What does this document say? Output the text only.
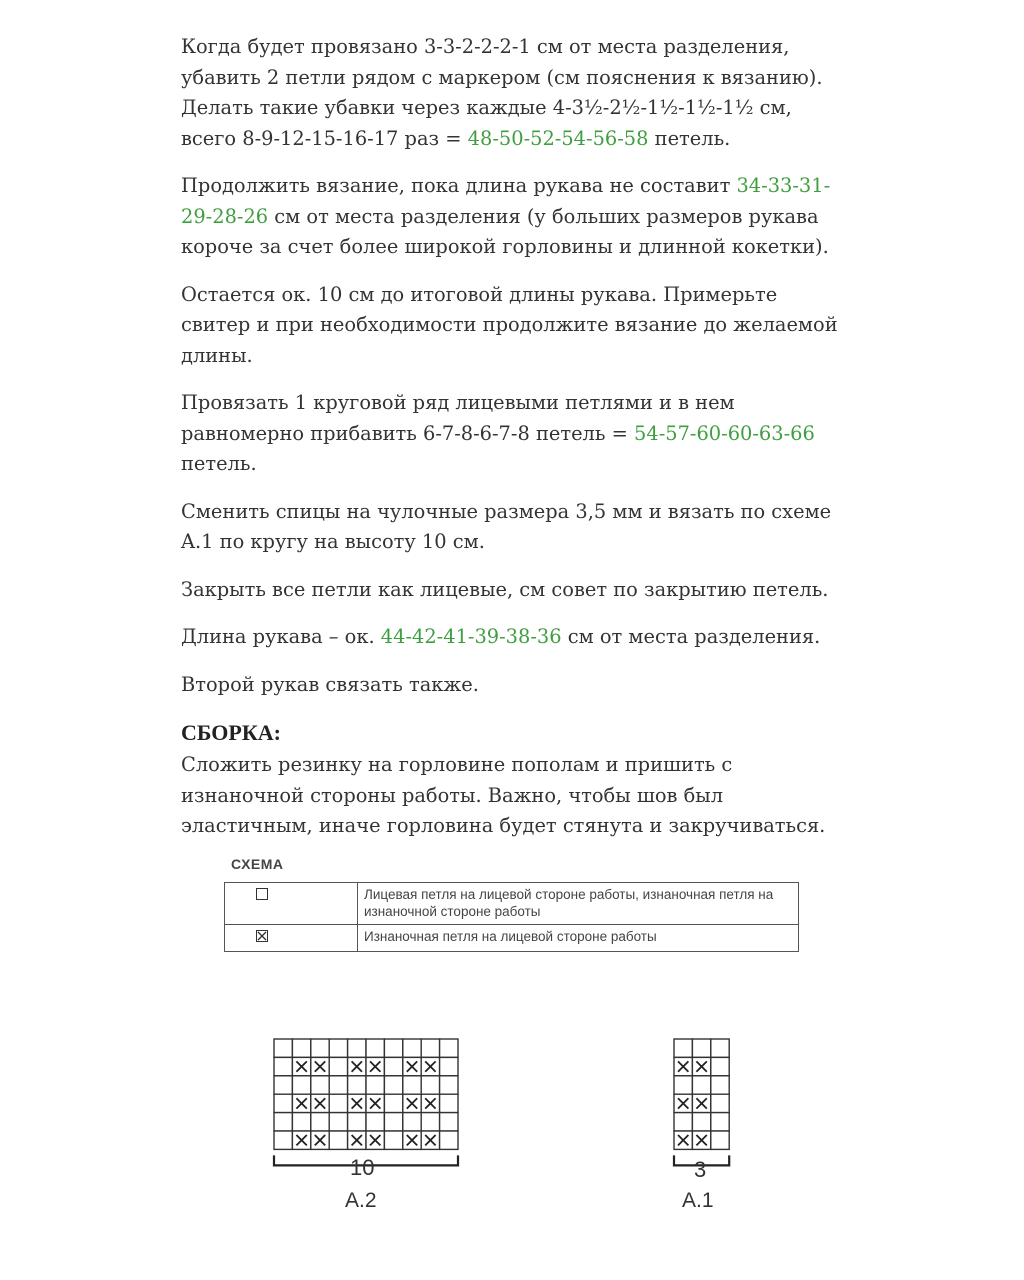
Когда будет провязано 3-3-2-2-2-1 см от места разделения, убавить 2 петли рядом с маркером (см пояснения к вязанию). Делать такие убавки через каждые 4-3½-2½-1½-1½-1½ см, всего 8-9-12-15-16-17 раз = 48-50-52-54-56-58 петель.

Продолжить вязание, пока длина рукава не составит 34-33-31-29-28-26 см от места разделения (у больших размеров рукава короче за счет более широкой горловины и длинной кокетки).

Остается ок. 10 см до итоговой длины рукава. Примерьте свитер и при необходимости продолжите вязание до желаемой длины.

Провязать 1 круговой ряд лицевыми петлями и в нем равномерно прибавить 6-7-8-6-7-8 петель = 54-57-60-60-63-66 петель.

Сменить спицы на чулочные размера 3,5 мм и вязать по схеме A.1 по кругу на высоту 10 см.

Закрыть все петли как лицевые, см совет по закрытию петель.

Длина рукава – ок. 44-42-41-39-38-36 см от места разделения.

Второй рукав связать также.

СБОРКА:

Сложить резинку на горловине пополам и пришить с изнаночной стороны работы. Важно, чтобы шов был эластичным, иначе горловина будет стянута и закручиваться.

СХЕМА
	Лицевая петля на лицевой стороне работы, изнаночная петля на изнаночной стороне работы

	Изнаночная петля на лицевой стороне работы
10
A.2
3
A.1
